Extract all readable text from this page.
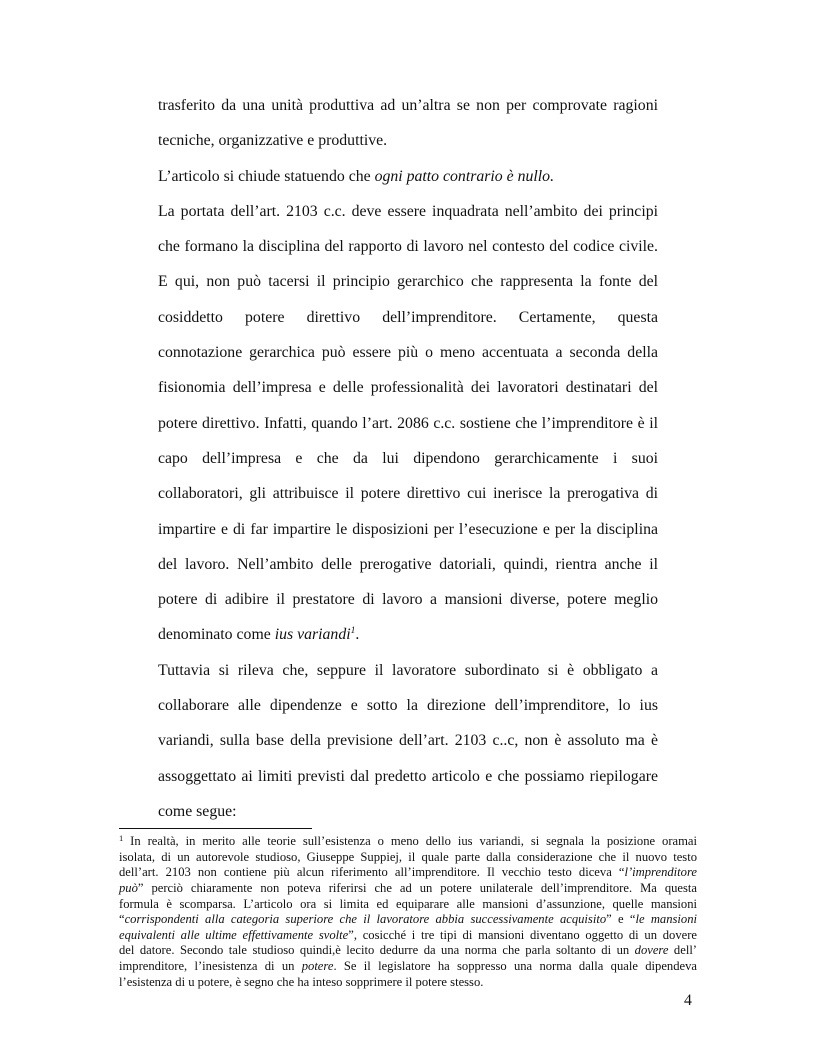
trasferito da una unità produttiva ad un’altra se non per comprovate ragioni
tecniche, organizzative e produttive.
L’articolo si chiude statuendo che ogni patto contrario è nullo.
La portata dell’art. 2103 c.c. deve essere inquadrata nell’ambito dei principi
che formano la disciplina del rapporto di lavoro nel contesto del codice civile.
E qui, non può tacersi il principio gerarchico che rappresenta la fonte del
cosiddetto potere direttivo dell’imprenditore. Certamente, questa
connotazione gerarchica può essere più o meno accentuata a seconda della
fisionomia dell’impresa e delle professionalità dei lavoratori destinatari del
potere direttivo. Infatti, quando l’art. 2086 c.c. sostiene che l’imprenditore è il
capo dell’impresa e che da lui dipendono gerarchicamente i suoi
collaboratori, gli attribuisce il potere direttivo cui inerisce la prerogativa di
impartire e di far impartire le disposizioni per l’esecuzione e per la disciplina
del lavoro. Nell’ambito delle prerogative datoriali, quindi, rientra anche il
potere di adibire il prestatore di lavoro a mansioni diverse, potere meglio
denominato come ius variandi$^1$.
Tuttavia si rileva che, seppure il lavoratore subordinato si è obbligato a
collaborare alle dipendenze e sotto la direzione dell’imprenditore, lo ius
variandi, sulla base della previsione dell’art. 2103 c..c, non è assoluto ma è
assoggettato ai limiti previsti dal predetto articolo e che possiamo riepilogare
come segue:
$^1$ In realtà, in merito alle teorie sull’esistenza o meno dello ius variandi, si segnala la posizione oramai
isolata, di un autorevole studioso, Giuseppe Suppiej, il quale parte dalla considerazione che il nuovo testo
dell’art. 2103 non contiene più alcun riferimento all’imprenditore. Il vecchio testo diceva “l’imprenditore
può” perciò chiaramente non poteva riferirsi che ad un potere unilaterale dell’imprenditore. Ma questa
formula è scomparsa. L’articolo ora si limita ed equiparare alle mansioni d’assunzione, quelle mansioni
“corrispondenti alla categoria superiore che il lavoratore abbia successivamente acquisito” e “le mansioni
equivalenti alle ultime effettivamente svolte”, cosicché i tre tipi di mansioni diventano oggetto di un dovere
del datore. Secondo tale studioso quindi,è lecito dedurre da una norma che parla soltanto di un dovere dell’
imprenditore, l’inesistenza di un potere. Se il legislatore ha soppresso una norma dalla quale dipendeva
l’esistenza di u potere, è segno che ha inteso sopprimere il potere stesso.
4
